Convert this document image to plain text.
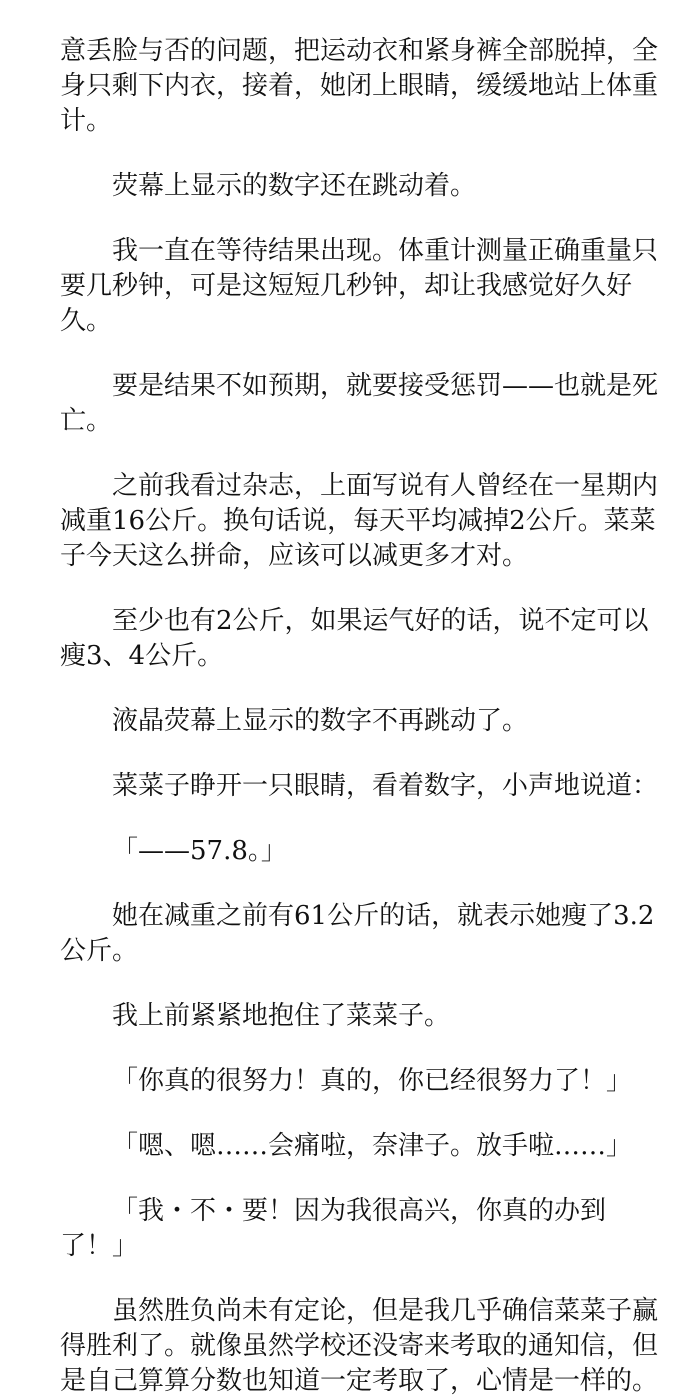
意丢脸与否的问题，把运动衣和紧身裤全部脱掉，全身只剩下内衣，接着，她闭上眼睛，缓缓地站上体重计。

荧幕上显示的数字还在跳动着。

我一直在等待结果出现。体重计测量正确重量只要几秒钟，可是这短短几秒钟，却让我感觉好久好久。

要是结果不如预期，就要接受惩罚——也就是死亡。

之前我看过杂志，上面写说有人曾经在一星期内减重16公斤。换句话说，每天平均减掉2公斤。菜菜子今天这么拼命，应该可以减更多才对。

至少也有2公斤，如果运气好的话，说不定可以瘦3、4公斤。

液晶荧幕上显示的数字不再跳动了。

菜菜子睁开一只眼睛，看着数字，小声地说道：

「——57.8。」

她在减重之前有61公斤的话，就表示她瘦了3.2公斤。

我上前紧紧地抱住了菜菜子。

「你真的很努力！真的，你已经很努力了！」

「嗯、嗯……会痛啦，奈津子。放手啦……」

「我・不・要！因为我很高兴，你真的办到了！」

虽然胜负尚未有定论，但是我几乎确信菜菜子赢得胜利了。就像虽然学校还没寄来考取的通知信，但是自己算算分数也知道一定考取了，心情是一样的。
